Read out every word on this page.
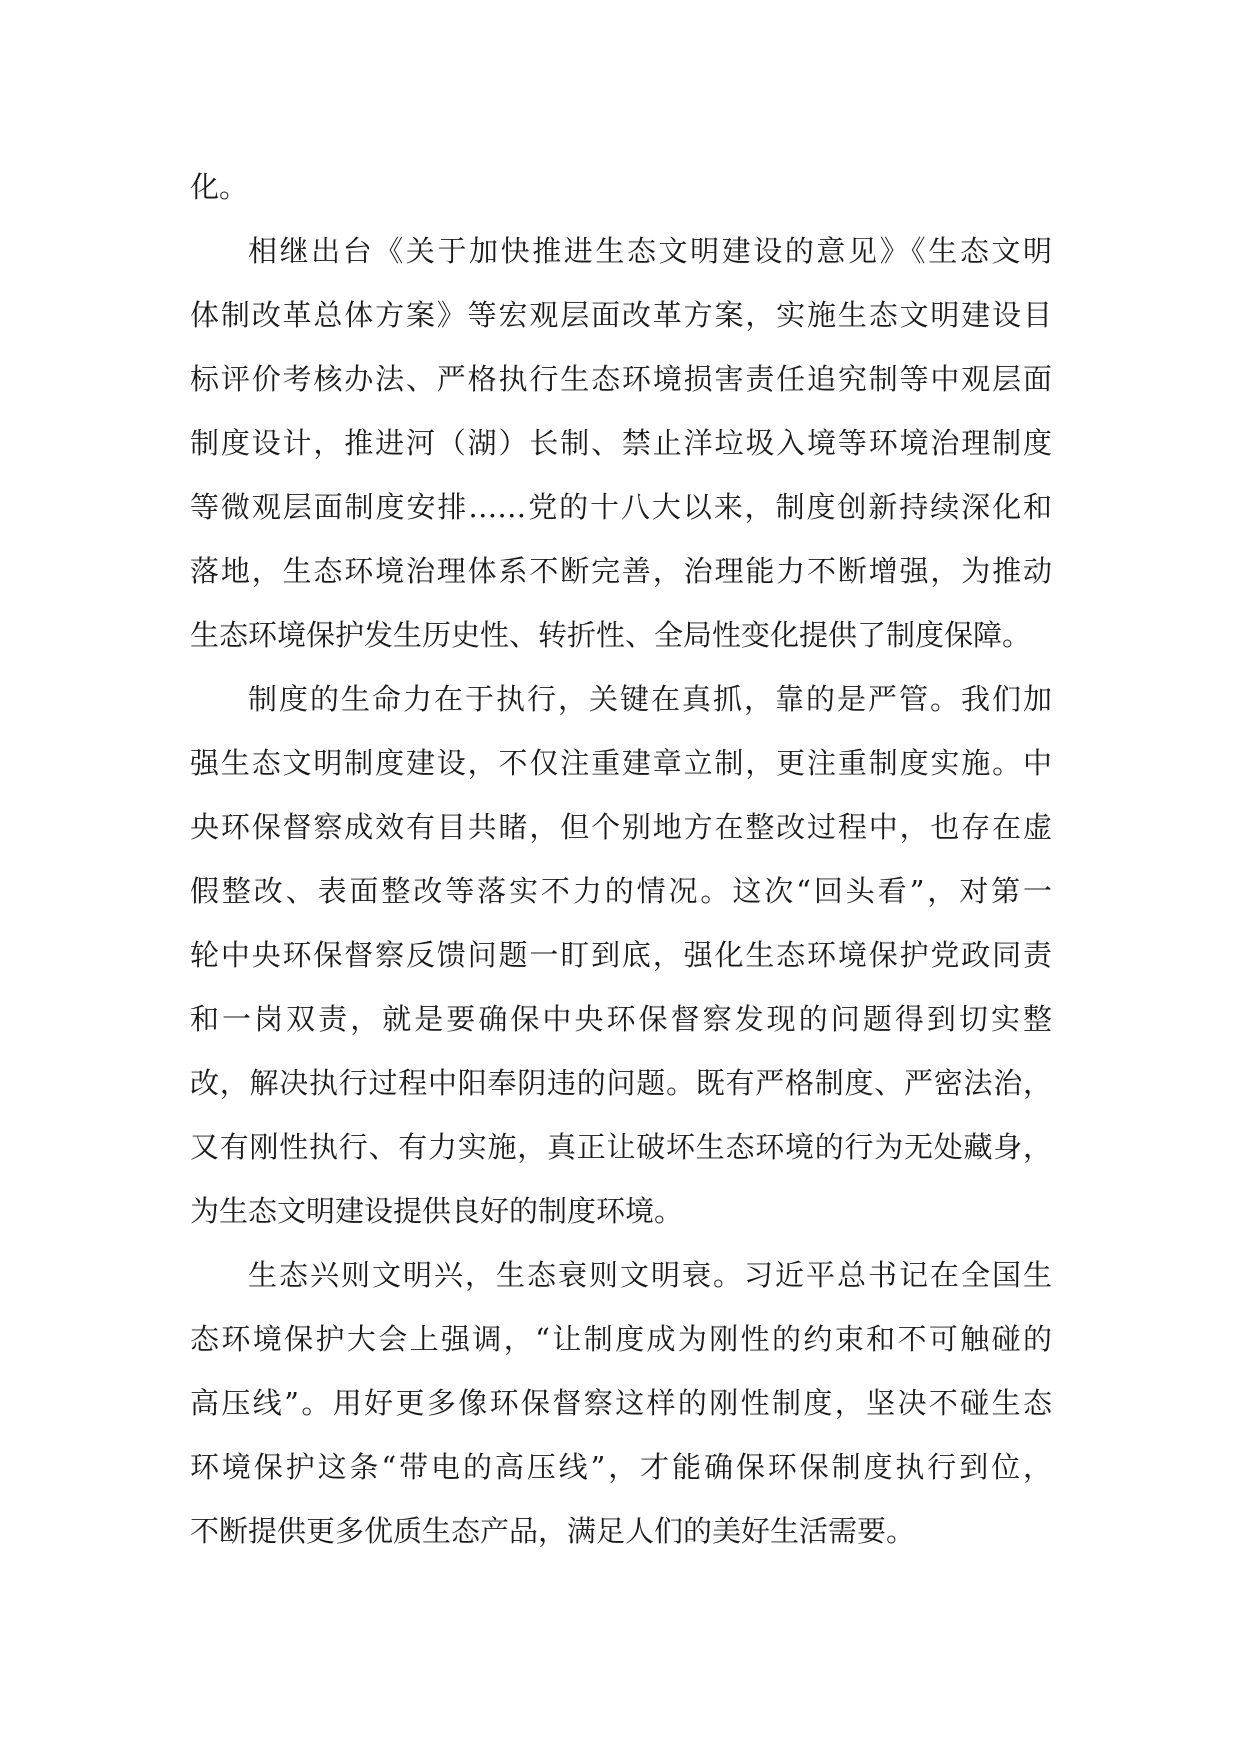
化。
相继出台《关于加快推进生态文明建设的意见》《生态文明
体制改革总体方案》等宏观层面改革方案，实施生态文明建设目
标评价考核办法、严格执行生态环境损害责任追究制等中观层面
制度设计，推进河（湖）长制、禁止洋垃圾入境等环境治理制度
等微观层面制度安排……党的十八大以来，制度创新持续深化和
落地，生态环境治理体系不断完善，治理能力不断增强，为推动
生态环境保护发生历史性、转折性、全局性变化提供了制度保障。
制度的生命力在于执行，关键在真抓，靠的是严管。我们加
强生态文明制度建设，不仅注重建章立制，更注重制度实施。中
央环保督察成效有目共睹，但个别地方在整改过程中，也存在虚
假整改、表面整改等落实不力的情况。这次“回头看”，对第一
轮中央环保督察反馈问题一盯到底，强化生态环境保护党政同责
和一岗双责，就是要确保中央环保督察发现的问题得到切实整
改，解决执行过程中阳奉阴违的问题。既有严格制度、严密法治，
又有刚性执行、有力实施，真正让破坏生态环境的行为无处藏身，
为生态文明建设提供良好的制度环境。
生态兴则文明兴，生态衰则文明衰。习近平总书记在全国生
态环境保护大会上强调，“让制度成为刚性的约束和不可触碰的
高压线”。用好更多像环保督察这样的刚性制度，坚决不碰生态
环境保护这条“带电的高压线”，才能确保环保制度执行到位，
不断提供更多优质生态产品，满足人们的美好生活需要。
